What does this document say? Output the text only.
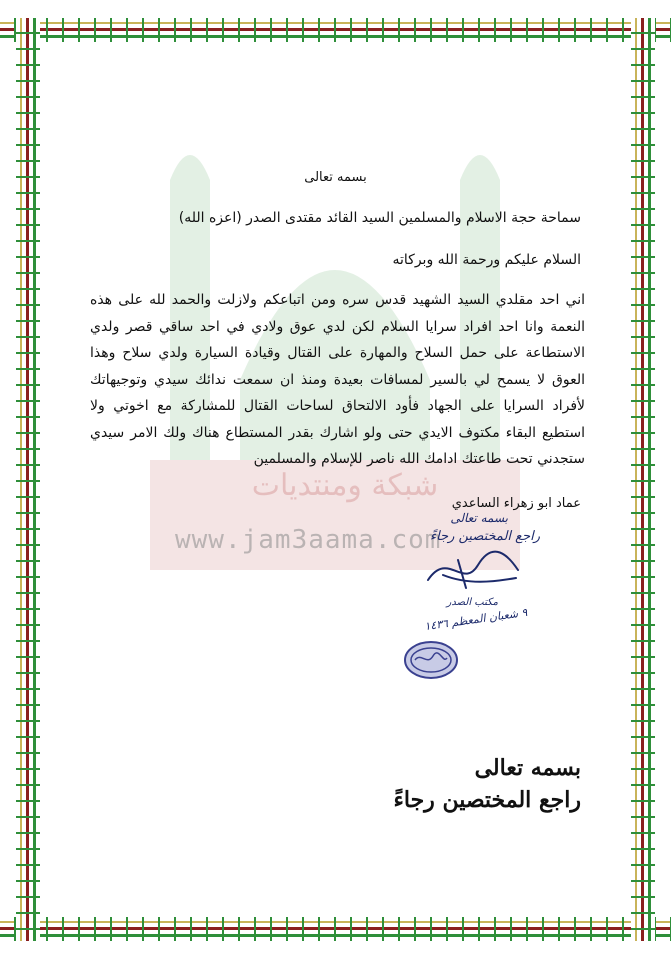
شبكة ومنتديات
www.jam3aama.com
بسمه تعالى
سماحة حجة الاسلام والمسلمين السيد القائد مقتدى الصدر (اعزه الله)
السلام عليكم ورحمة الله وبركاته
اني احد مقلدي السيد الشهيد قدس سره ومن اتباعكم ولازلت والحمد لله على هذه النعمة وانا احد افراد سرايا السلام لكن لدي عوق ولادي في احد ساقي قصر ولدي الاستطاعة على حمل السلاح والمهارة على القتال وقيادة السيارة ولدي سلاح وهذا العوق لا يسمح لي بالسير لمسافات بعيدة ومنذ ان سمعت ندائك سيدي وتوجيهاتك لأفراد السرايا على الجهاد فأود الالتحاق لساحات القتال للمشاركة مع اخوتي ولا استطيع البقاء مكتوف الايدي حتى ولو اشارك بقدر المستطاع هناك ولك الامر سيدي ستجدني تحت طاعتك ادامك الله ناصر للإسلام والمسلمين
عماد ابو زهراء الساعدي
بسمه تعالى
راجع المختصين رجاءً
مكتب الصدر
٩ شعبان المعظم ١٤٣٦
بسمه تعالى
راجع المختصين رجاءً
